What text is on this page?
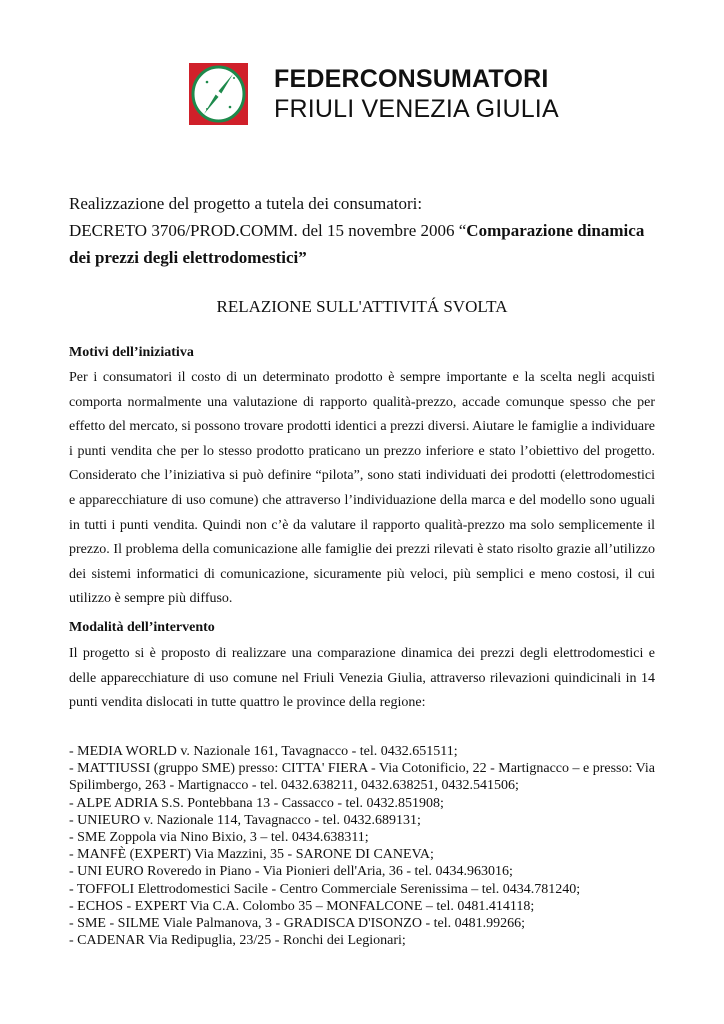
FEDERCONSUMATORI
FRIULI VENEZIA GIULIA
Realizzazione del progetto a tutela dei consumatori:
DECRETO 3706/PROD.COMM. del 15 novembre 2006 “Comparazione dinamica
dei prezzi degli elettrodomestici”
RELAZIONE SULL'ATTIVITÁ SVOLTA
Motivi dell’iniziativa
Per i consumatori il costo di un determinato prodotto è sempre importante e la scelta negli acquisti comporta normalmente una valutazione di rapporto qualità-prezzo, accade comunque spesso che per effetto del mercato, si possono trovare prodotti identici a prezzi diversi. Aiutare le famiglie a individuare i punti vendita che per lo stesso prodotto praticano un prezzo inferiore e stato l’obiettivo del progetto. Considerato che l’iniziativa si può definire “pilota”, sono stati individuati dei prodotti (elettrodomestici e apparecchiature di uso comune) che attraverso l’individuazione della marca e del modello sono uguali in tutti i punti vendita. Quindi non c’è da valutare il rapporto qualità-prezzo ma solo semplicemente il prezzo. Il problema della comunicazione alle famiglie dei prezzi rilevati è stato risolto grazie all’utilizzo dei sistemi informatici di comunicazione, sicuramente più veloci, più semplici e meno costosi, il cui utilizzo è sempre più diffuso.
Modalità dell’intervento
Il progetto si è proposto di realizzare una comparazione dinamica dei prezzi degli elettrodomestici e delle apparecchiature di uso comune nel Friuli Venezia Giulia, attraverso rilevazioni quindicinali in 14 punti vendita dislocati in tutte quattro le province della regione:

- MEDIA WORLD v. Nazionale 161, Tavagnacco - tel. 0432.651511;

- MATTIUSSI (gruppo SME) presso: CITTA' FIERA - Via Cotonificio, 22 - Martignacco – e presso: Via Spilimbergo, 263 - Martignacco - tel. 0432.638211, 0432.638251, 0432.541506;

- ALPE ADRIA S.S. Pontebbana 13 - Cassacco - tel. 0432.851908;

- UNIEURO v. Nazionale 114, Tavagnacco - tel. 0432.689131;

- SME Zoppola via Nino Bixio, 3 – tel. 0434.638311;

- MANFÈ (EXPERT) Via Mazzini, 35 - SARONE DI CANEVA;

- UNI EURO Roveredo in Piano - Via Pionieri dell'Aria, 36 - tel. 0434.963016;

- TOFFOLI Elettrodomestici Sacile - Centro Commerciale Serenissima – tel. 0434.781240;

- ECHOS - EXPERT Via C.A. Colombo 35 – MONFALCONE – tel. 0481.414118;

- SME - SILME Viale Palmanova, 3 - GRADISCA D'ISONZO - tel. 0481.99266;

- CADENAR Via Redipuglia, 23/25 - Ronchi dei Legionari;
